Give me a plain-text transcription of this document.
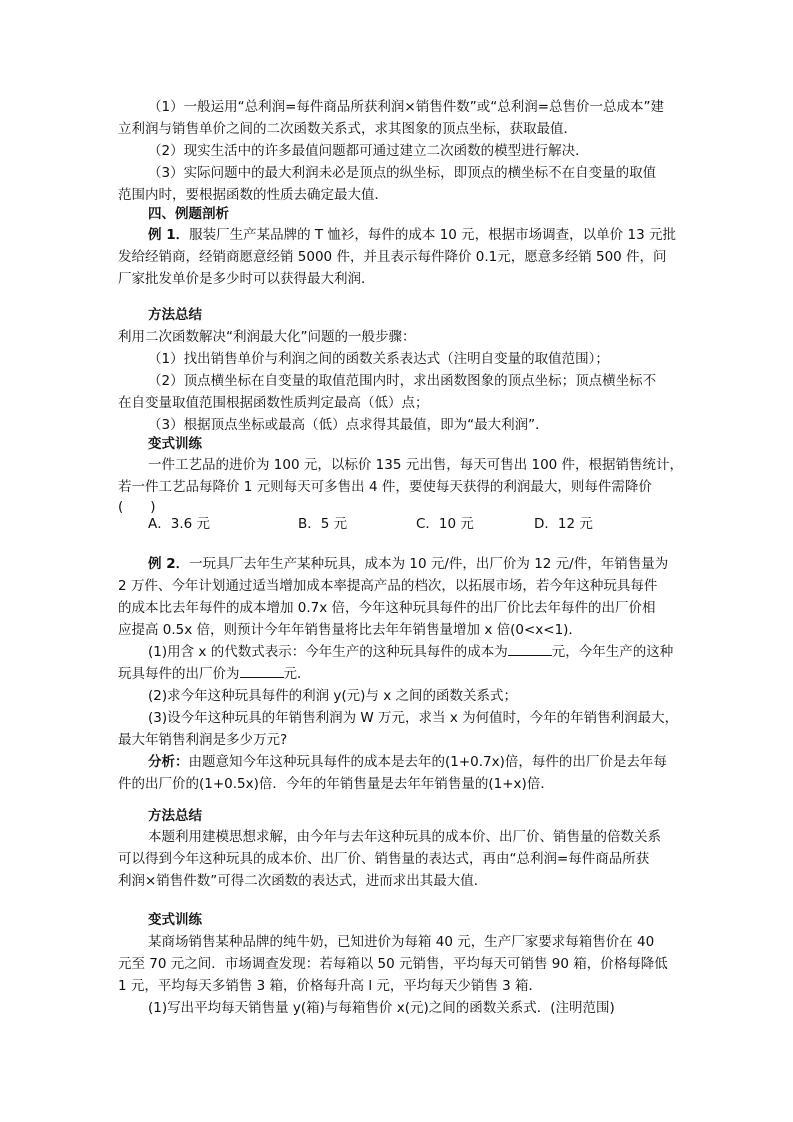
（1）一般运用“总利润=每件商品所获利润×销售件数”或“总利润=总售价一总成本”建
立利润与销售单价之间的二次函数关系式，求其图象的顶点坐标，获取最值．
（2）现实生活中的许多最值问题都可通过建立二次函数的模型进行解决．
（3）实际问题中的最大利润未必是顶点的纵坐标，即顶点的横坐标不在自变量的取值
范围内时，要根据函数的性质去确定最大值．
四、例题剖析
例 1．服装厂生产某品牌的 T 恤衫，每件的成本 10 元，根据市场调查，以单价 13 元批
发给经销商，经销商愿意经销 5000 件，并且表示每件降价 0.1元，愿意多经销 500 件，问
厂家批发单价是多少时可以获得最大利润．
方法总结
利用二次函数解决“利润最大化”问题的一般步骤：
（1）找出销售单价与利润之间的函数关系表达式（注明自变量的取值范围）；
（2）顶点横坐标在自变量的取值范围内时，求出函数图象的顶点坐标；顶点横坐标不
在自变量取值范围根据函数性质判定最高（低）点；
（3）根据顶点坐标或最高（低）点求得其最值，即为“最大利润”．
变式训练
一件工艺品的进价为 100 元，以标价 135 元出售，每天可售出 100 件，根据销售统计，
若一件工艺品每降价 1 元则每天可多售出 4 件，要使每天获得的利润最大，则每件需降价
(　　)
A．3.6 元	B．5 元	C．10 元	D．12 元
例 2．一玩具厂去年生产某种玩具，成本为 10 元/件，出厂价为 12 元/件，年销售量为
2 万件、今年计划通过适当增加成本率提高产品的档次，以拓展市场，若今年这种玩具每件
的成本比去年每件的成本增加 0.7x 倍，今年这种玩具每件的出厂价比去年每件的出厂价相
应提高 0.5x 倍，则预计今年年销售量将比去年年销售量增加 x 倍(0<x<1).
(1)用含 x 的代数式表示：今年生产的这种玩具每件的成本为	元，今年生产的这种
玩具每件的出厂价为	元．
(2)求今年这种玩具每件的利润 y(元)与 x 之间的函数关系式；
(3)设今年这种玩具的年销售利润为 W 万元，求当 x 为何值时，今年的年销售利润最大，
最大年销售利润是多少万元?
分析：由题意知今年这种玩具每件的成本是去年的(1+0.7x)倍，每件的出厂价是去年每
件的出厂价的(1+0.5x)倍．今年的年销售量是去年年销售量的(1+x)倍．
方法总结
本题利用建模思想求解，由今年与去年这种玩具的成本价、出厂价、销售量的倍数关系
可以得到今年这种玩具的成本价、出厂价、销售量的表达式，再由“总利润=每件商品所获
利润×销售件数”可得二次函数的表达式，进而求出其最大值．
变式训练
某商场销售某种品牌的纯牛奶，已知进价为每箱 40 元，生产厂家要求每箱售价在 40
元至 70 元之间．市场调查发现：若每箱以 50 元销售，平均每天可销售 90 箱，价格每降低
1 元，平均每天多销售 3 箱，价格每升高 l 元，平均每天少销售 3 箱．
(1)写出平均每天销售量 y(箱)与每箱售价 x(元)之间的函数关系式．(注明范围)
